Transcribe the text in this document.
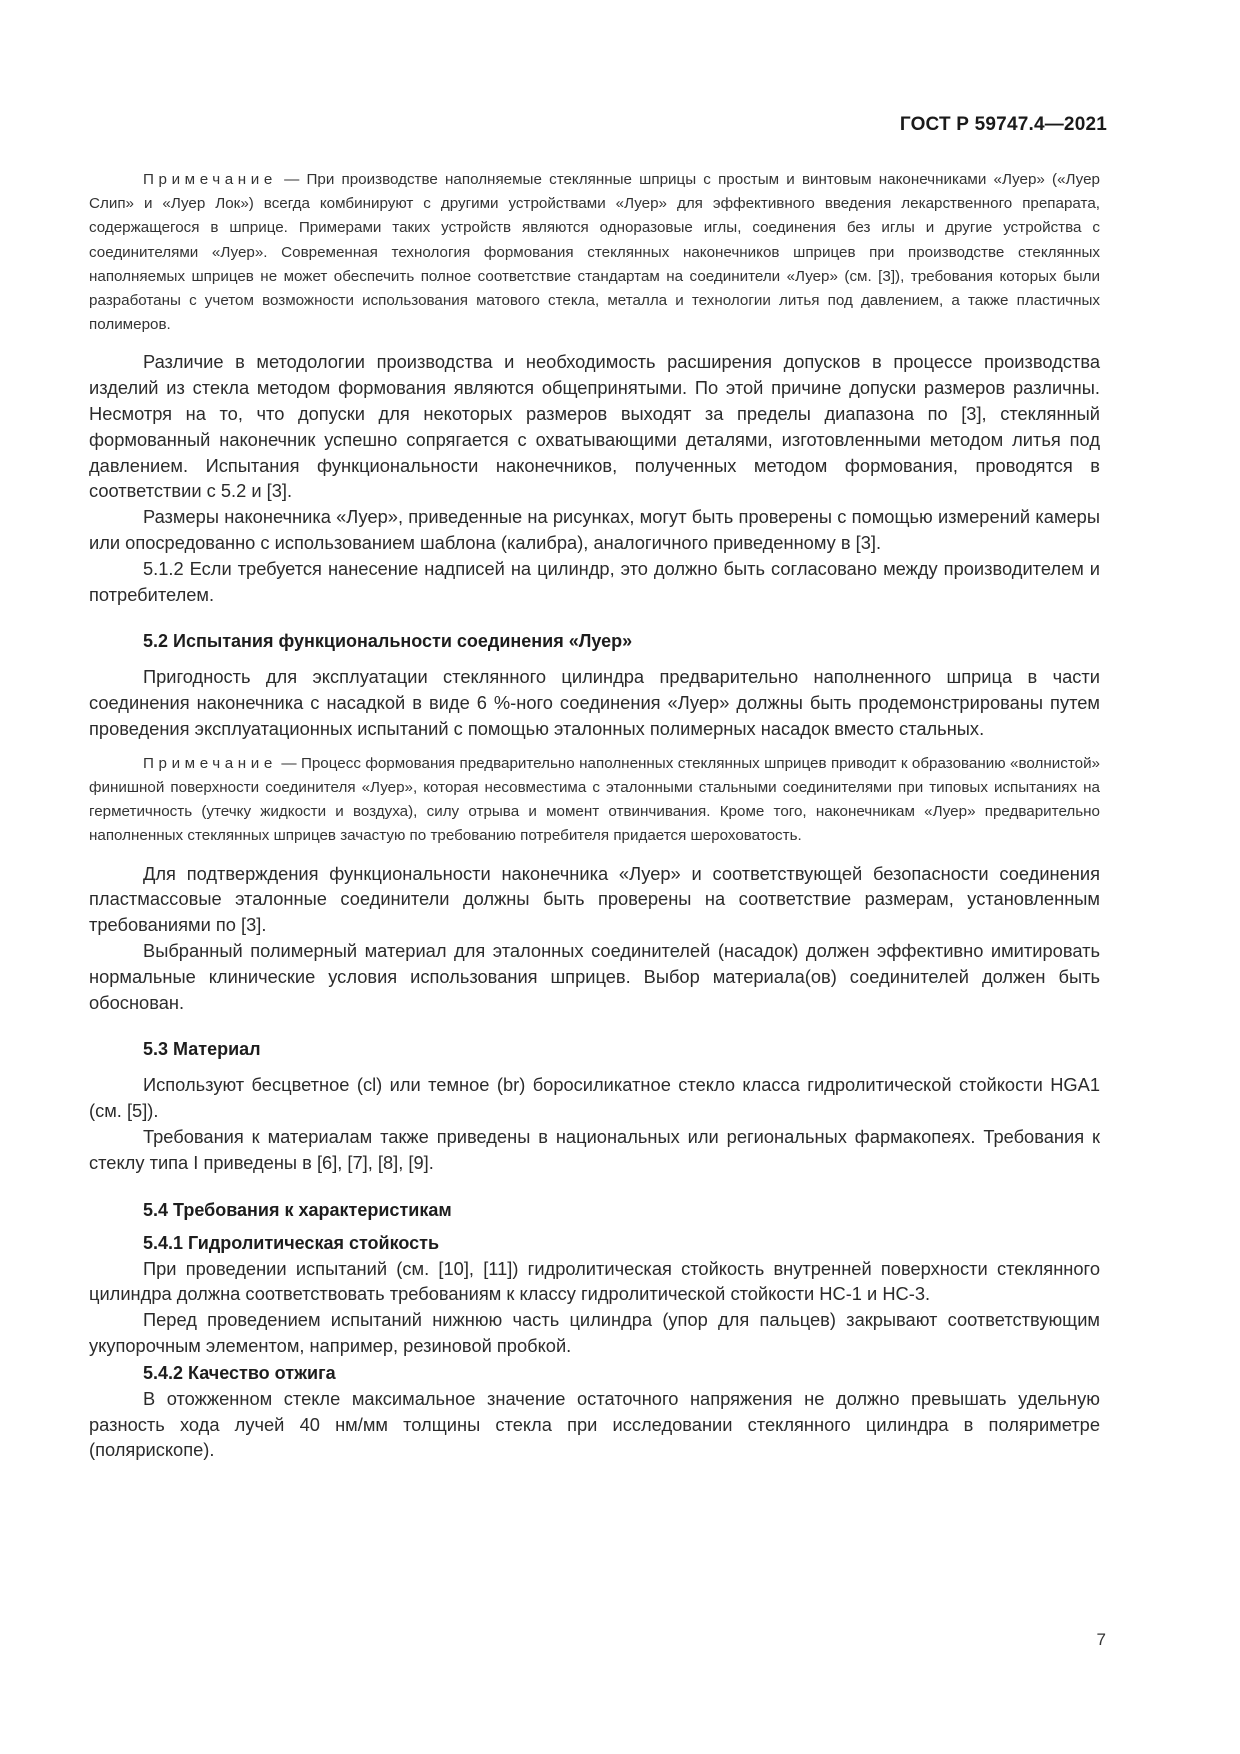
ГОСТ Р 59747.4—2021

Примечание — При производстве наполняемые стеклянные шприцы с простым и винтовым наконечниками «Луер» («Луер Слип» и «Луер Лок») всегда комбинируют с другими устройствами «Луер» для эффективного введения лекарственного препарата, содержащегося в шприце. Примерами таких устройств являются одноразовые иглы, соединения без иглы и другие устройства с соединителями «Луер». Современная технология формования стеклянных наконечников шприцев при производстве стеклянных наполняемых шприцев не может обеспечить полное соответствие стандартам на соединители «Луер» (см. [3]), требования которых были разработаны с учетом возможности использования матового стекла, металла и технологии литья под давлением, а также пластичных полимеров.

Различие в методологии производства и необходимость расширения допусков в процессе производства изделий из стекла методом формования являются общепринятыми. По этой причине допуски размеров различны. Несмотря на то, что допуски для некоторых размеров выходят за пределы диапазона по [3], стеклянный формованный наконечник успешно сопрягается с охватывающими деталями, изготовленными методом литья под давлением. Испытания функциональности наконечников, полученных методом формования, проводятся в соответствии с 5.2 и [3].

Размеры наконечника «Луер», приведенные на рисунках, могут быть проверены с помощью измерений камеры или опосредованно с использованием шаблона (калибра), аналогичного приведенному в [3].

5.1.2 Если требуется нанесение надписей на цилиндр, это должно быть согласовано между производителем и потребителем.

5.2 Испытания функциональности соединения «Луер»

Пригодность для эксплуатации стеклянного цилиндра предварительно наполненного шприца в части соединения наконечника с насадкой в виде 6 %-ного соединения «Луер» должны быть продемонстрированы путем проведения эксплуатационных испытаний с помощью эталонных полимерных насадок вместо стальных.

Примечание — Процесс формования предварительно наполненных стеклянных шприцев приводит к образованию «волнистой» финишной поверхности соединителя «Луер», которая несовместима с эталонными стальными соединителями при типовых испытаниях на герметичность (утечку жидкости и воздуха), силу отрыва и момент отвинчивания. Кроме того, наконечникам «Луер» предварительно наполненных стеклянных шприцев зачастую по требованию потребителя придается шероховатость.

Для подтверждения функциональности наконечника «Луер» и соответствующей безопасности соединения пластмассовые эталонные соединители должны быть проверены на соответствие размерам, установленным требованиями по [3].

Выбранный полимерный материал для эталонных соединителей (насадок) должен эффективно имитировать нормальные клинические условия использования шприцев. Выбор материала(ов) соединителей должен быть обоснован.

5.3 Материал

Используют бесцветное (cl) или темное (br) боросиликатное стекло класса гидролитической стойкости HGA1 (см. [5]).

Требования к материалам также приведены в национальных или региональных фармакопеях. Требования к стеклу типа I приведены в [6], [7], [8], [9].

5.4 Требования к характеристикам
5.4.1 Гидролитическая стойкость

При проведении испытаний (см. [10], [11]) гидролитическая стойкость внутренней поверхности стеклянного цилиндра должна соответствовать требованиям к классу гидролитической стойкости HC-1 и HC-3.

Перед проведением испытаний нижнюю часть цилиндра (упор для пальцев) закрывают соответствующим укупорочным элементом, например, резиновой пробкой.

5.4.2 Качество отжига

В отожженном стекле максимальное значение остаточного напряжения не должно превышать удельную разность хода лучей 40 нм/мм толщины стекла при исследовании стеклянного цилиндра в поляриметре (полярископе).

7
